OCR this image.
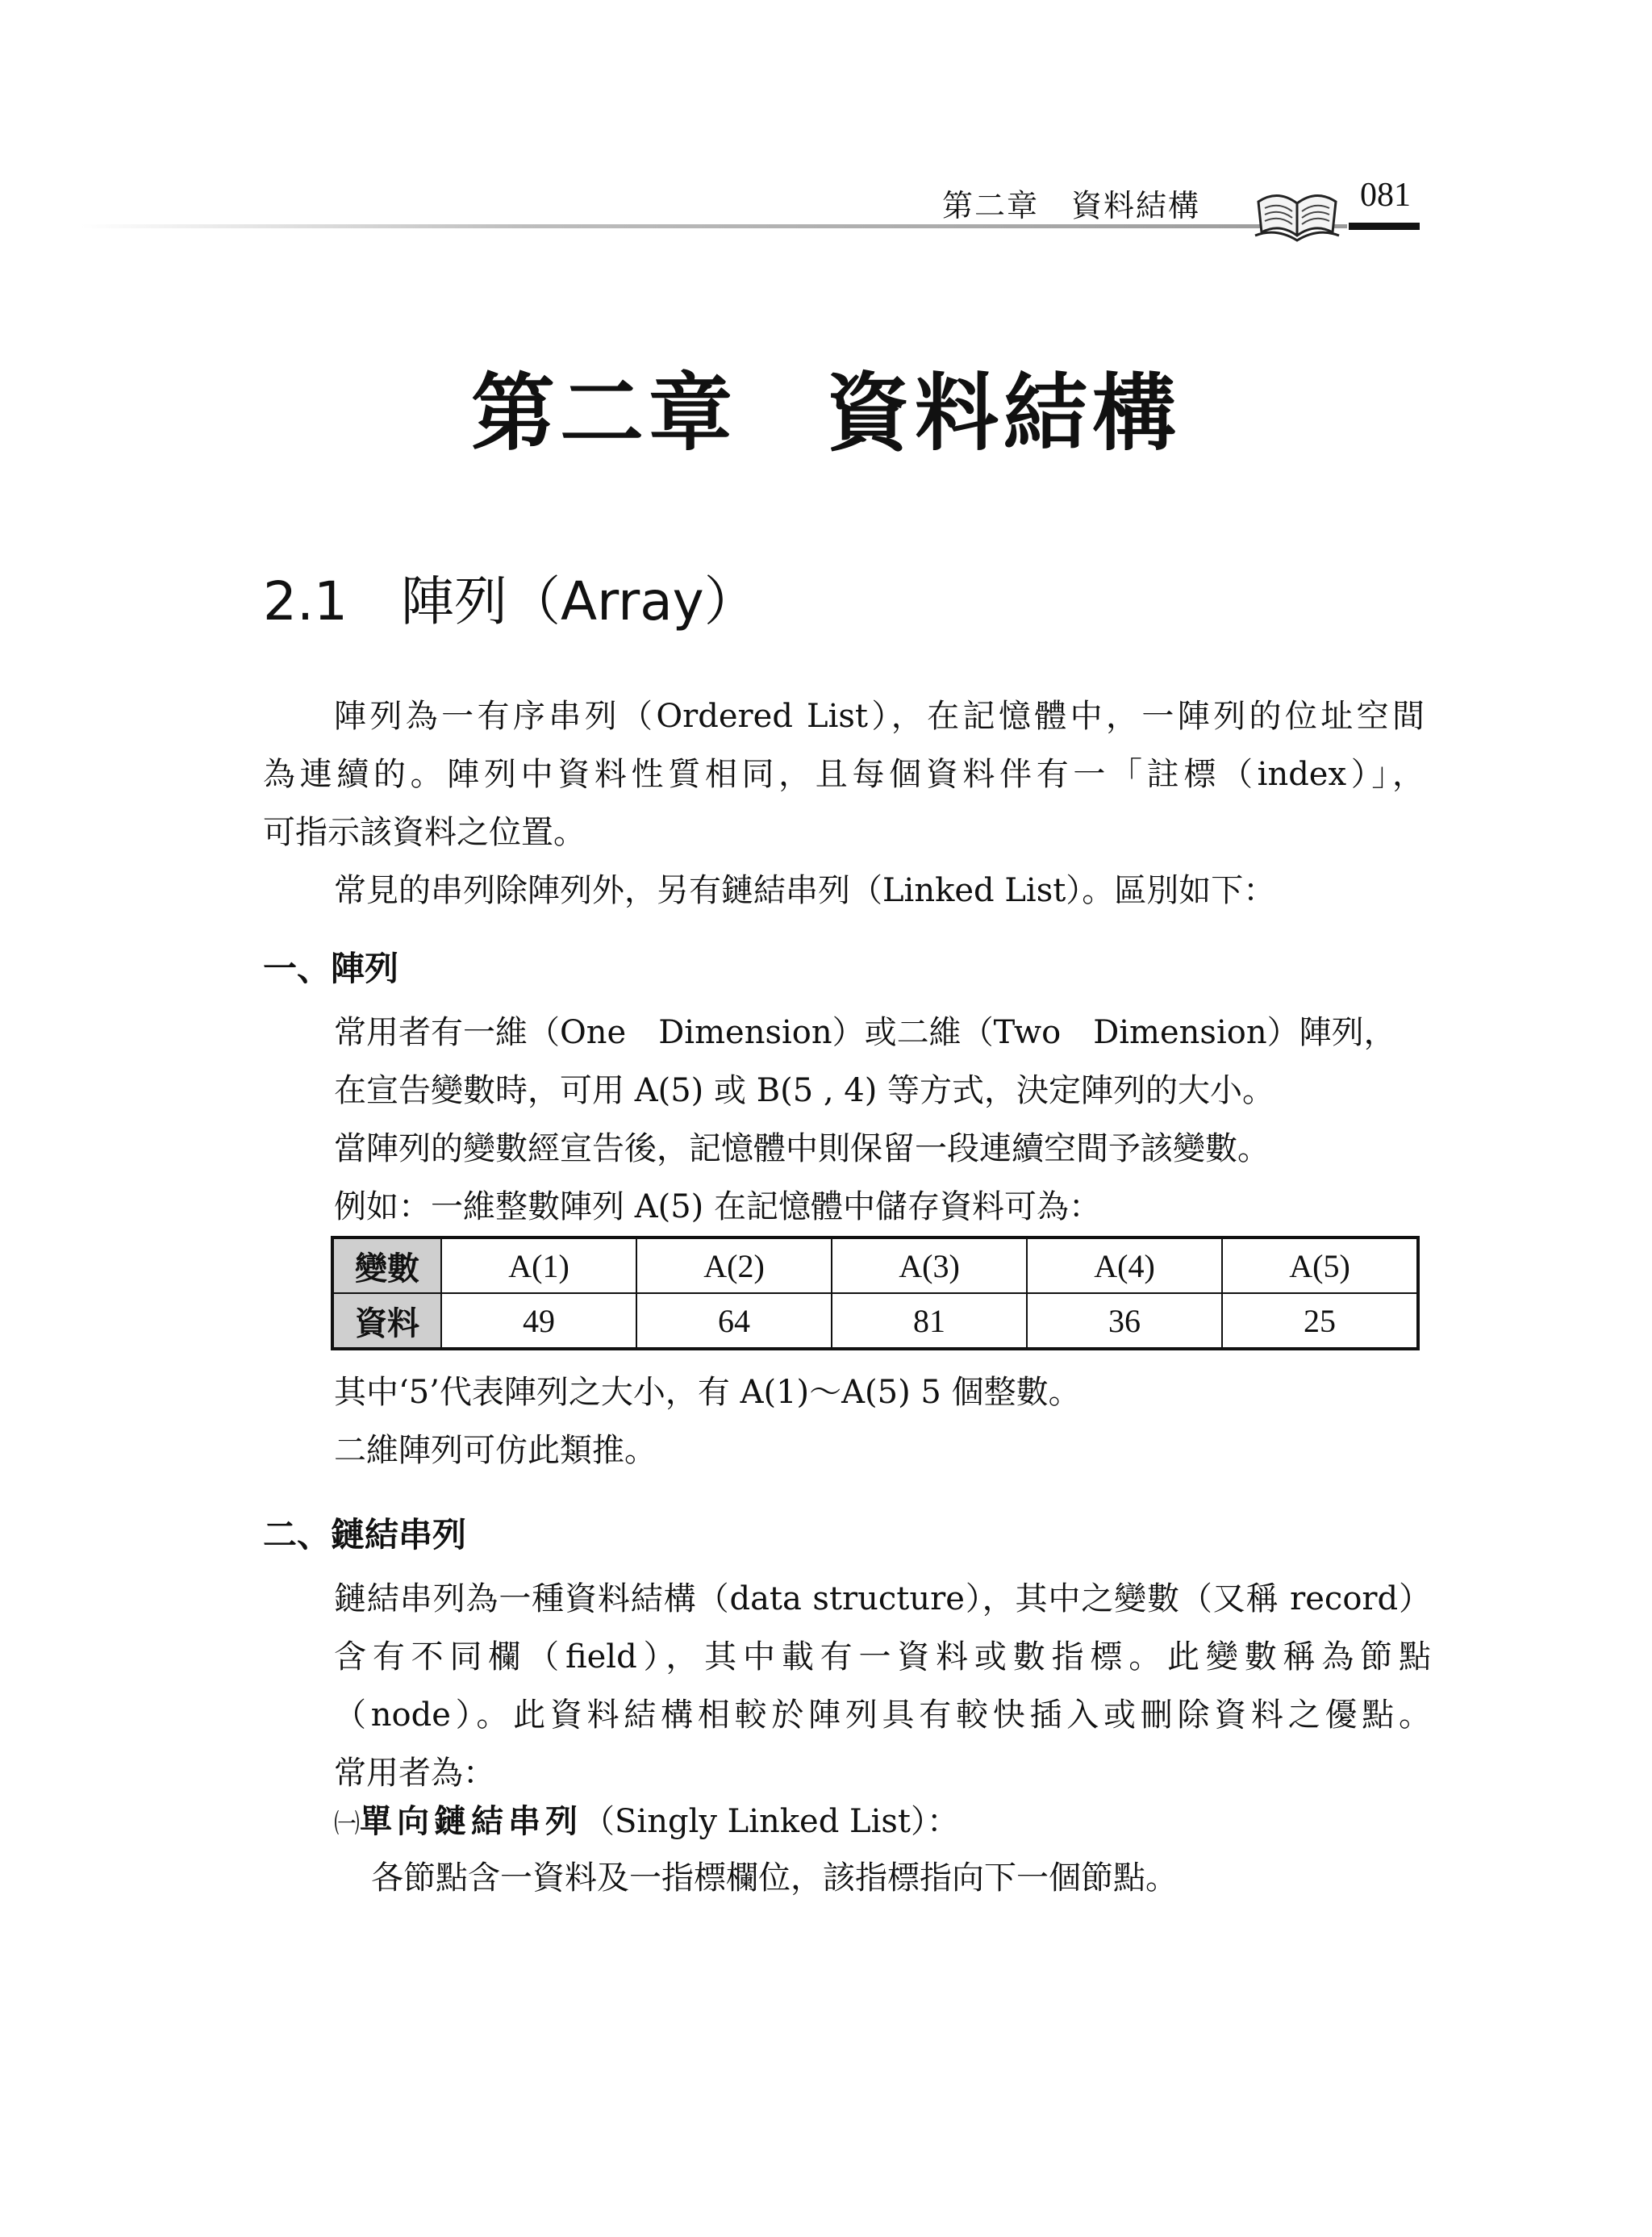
第二章　資料結構	081
第二章　資料結構
2.1　陣列（Array）

陣列為一有序串列（Ordered List），在記憶體中，一陣列的位址空間

為連續的。陣列中資料性質相同，且每個資料伴有一「註標（index）」，

可指示該資料之位置。

常見的串列除陣列外，另有鏈結串列（Linked List）。區別如下：

一、陣列

常用者有一維（One　Dimension）或二維（Two　Dimension）陣列，

在宣告變數時，可用 A(5) 或 B(5 , 4) 等方式，決定陣列的大小。

當陣列的變數經宣告後，記憶體中則保留一段連續空間予該變數。

例如：一維整數陣列 A(5) 在記憶體中儲存資料可為：

變數	A(1)	A(2)	A(3)	A(4)	A(5)
資料	49	64	81	36	25

其中‘5’代表陣列之大小，有 A(1)～A(5) 5 個整數。

二維陣列可仿此類推。

二、鏈結串列

鏈結串列為一種資料結構（data structure），其中之變數（又稱 record）

含有不同欄（field），其中載有一資料或數指標。此變數稱為節點

（node）。此資料結構相較於陣列具有較快插入或刪除資料之優點。

常用者為：

㈠單向鏈結串列（Singly Linked List）：
各節點含一資料及一指標欄位，該指標指向下一個節點。
